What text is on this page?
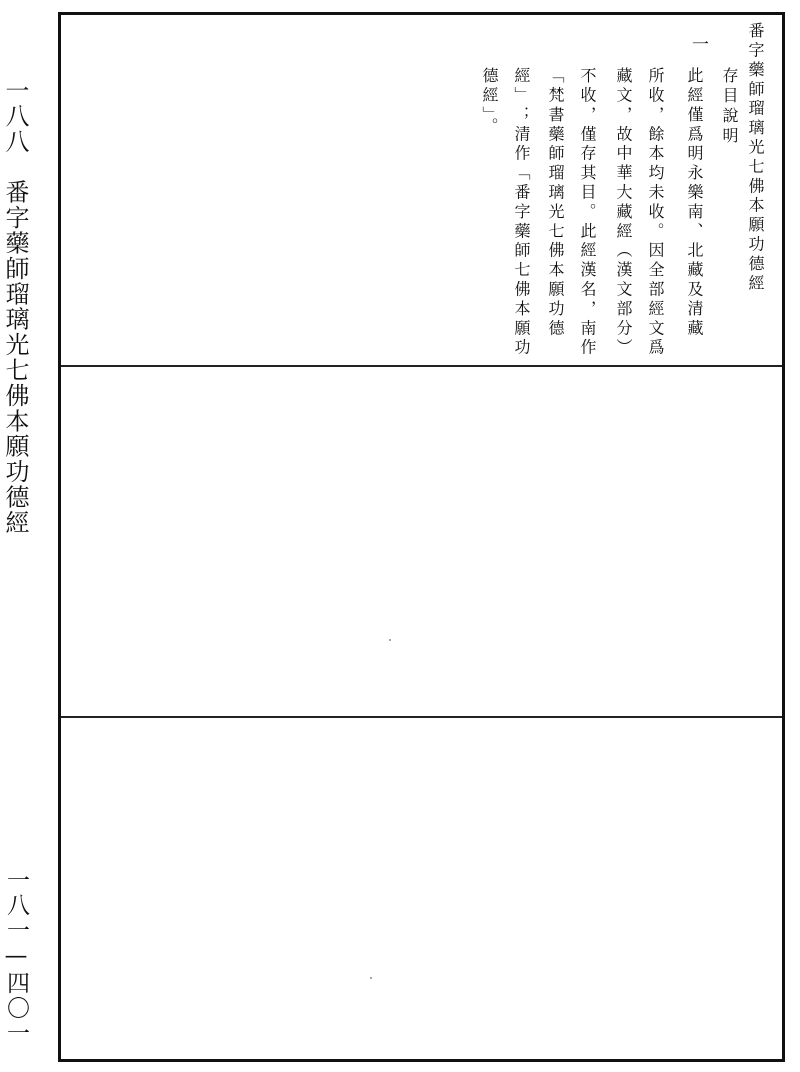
一八八　番字藥師瑠璃光七佛本願功德經
一八一—四〇一
番字藥師瑠璃光七佛本願功德經
存目說明
一
此經僅爲明永樂南、北藏及清藏
所收，餘本均未收。因全部經文爲
藏文，故中華大藏經（漢文部分）
不收，僅存其目。此經漢名，南作
「梵書藥師瑠璃光七佛本願功德
經」；清作「番字藥師七佛本願功
德經」。
